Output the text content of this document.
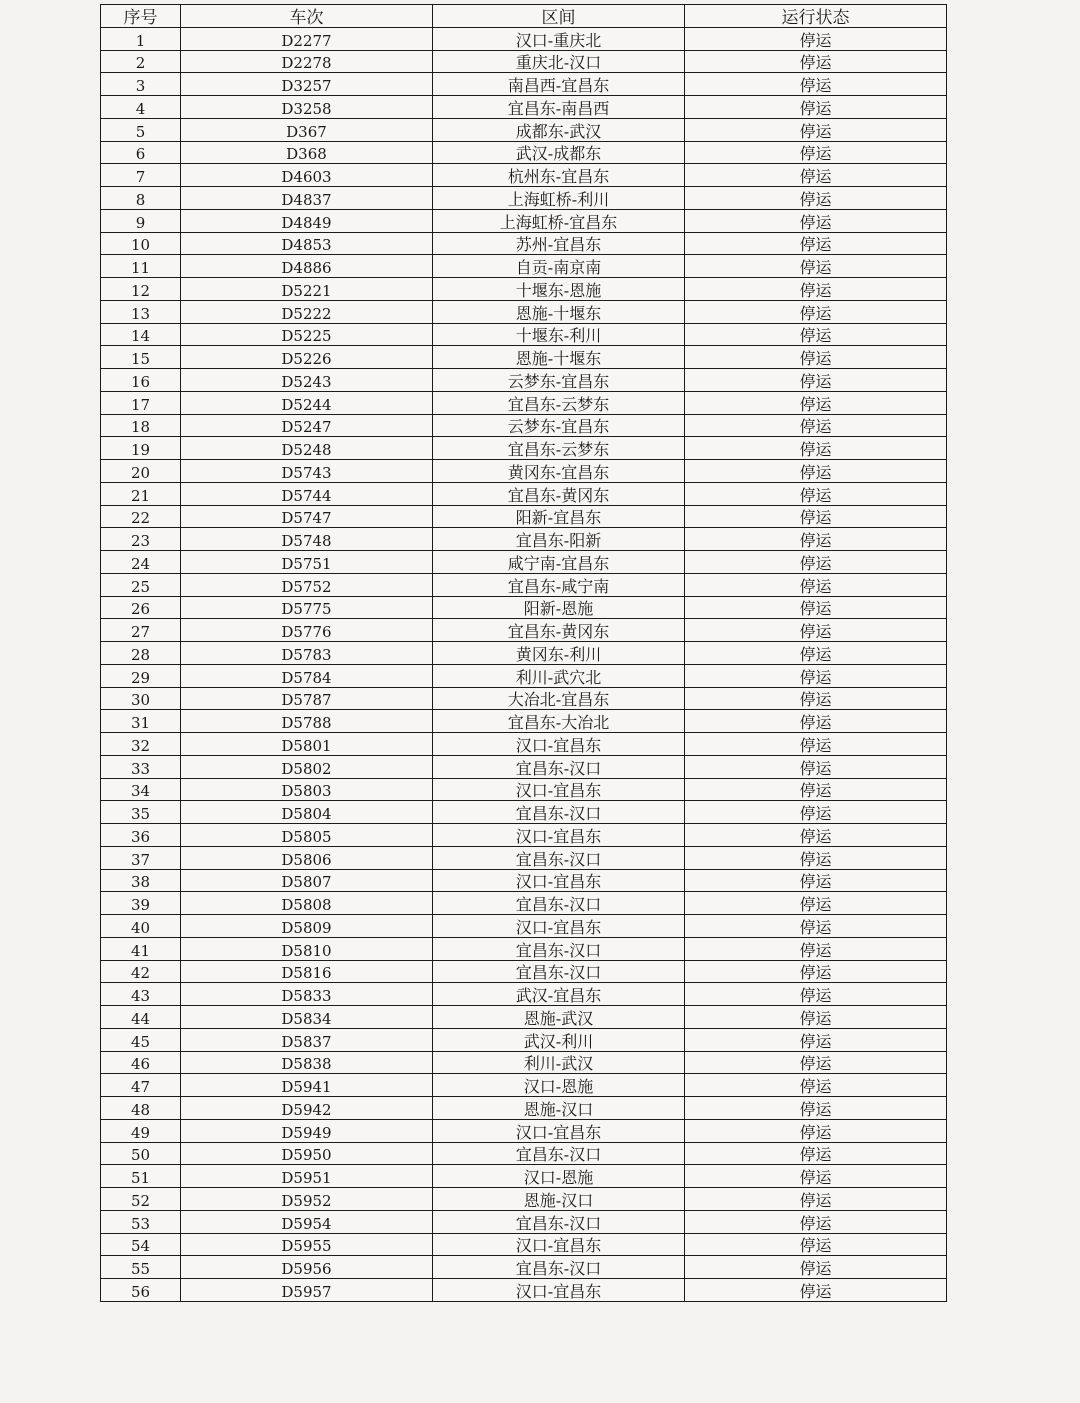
序号	车次	区间	运行状态
1	D2277	汉口-重庆北	停运
2	D2278	重庆北-汉口	停运
3	D3257	南昌西-宜昌东	停运
4	D3258	宜昌东-南昌西	停运
5	D367	成都东-武汉	停运
6	D368	武汉-成都东	停运
7	D4603	杭州东-宜昌东	停运
8	D4837	上海虹桥-利川	停运
9	D4849	上海虹桥-宜昌东	停运
10	D4853	苏州-宜昌东	停运
11	D4886	自贡-南京南	停运
12	D5221	十堰东-恩施	停运
13	D5222	恩施-十堰东	停运
14	D5225	十堰东-利川	停运
15	D5226	恩施-十堰东	停运
16	D5243	云梦东-宜昌东	停运
17	D5244	宜昌东-云梦东	停运
18	D5247	云梦东-宜昌东	停运
19	D5248	宜昌东-云梦东	停运
20	D5743	黄冈东-宜昌东	停运
21	D5744	宜昌东-黄冈东	停运
22	D5747	阳新-宜昌东	停运
23	D5748	宜昌东-阳新	停运
24	D5751	咸宁南-宜昌东	停运
25	D5752	宜昌东-咸宁南	停运
26	D5775	阳新-恩施	停运
27	D5776	宜昌东-黄冈东	停运
28	D5783	黄冈东-利川	停运
29	D5784	利川-武穴北	停运
30	D5787	大冶北-宜昌东	停运
31	D5788	宜昌东-大冶北	停运
32	D5801	汉口-宜昌东	停运
33	D5802	宜昌东-汉口	停运
34	D5803	汉口-宜昌东	停运
35	D5804	宜昌东-汉口	停运
36	D5805	汉口-宜昌东	停运
37	D5806	宜昌东-汉口	停运
38	D5807	汉口-宜昌东	停运
39	D5808	宜昌东-汉口	停运
40	D5809	汉口-宜昌东	停运
41	D5810	宜昌东-汉口	停运
42	D5816	宜昌东-汉口	停运
43	D5833	武汉-宜昌东	停运
44	D5834	恩施-武汉	停运
45	D5837	武汉-利川	停运
46	D5838	利川-武汉	停运
47	D5941	汉口-恩施	停运
48	D5942	恩施-汉口	停运
49	D5949	汉口-宜昌东	停运
50	D5950	宜昌东-汉口	停运
51	D5951	汉口-恩施	停运
52	D5952	恩施-汉口	停运
53	D5954	宜昌东-汉口	停运
54	D5955	汉口-宜昌东	停运
55	D5956	宜昌东-汉口	停运
56	D5957	汉口-宜昌东	停运
